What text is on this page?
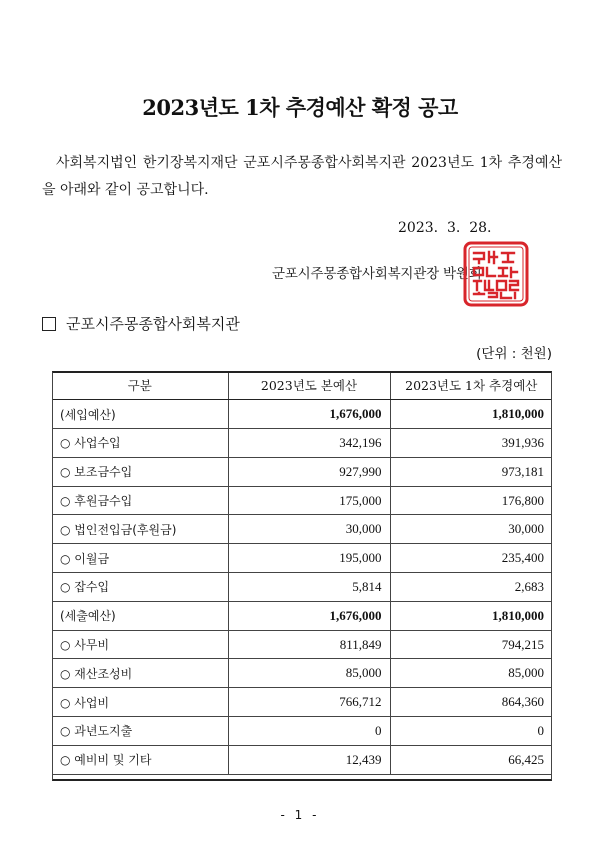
2023년도 1차 추경예산 확정 공고
사회복지법인 한기장복지재단 군포시주몽종합사회복지관 2023년도 1차 추경예산을 아래와 같이 공고합니다.
2023.  3.  28.
군포시주몽종합사회복지관장 박원희
군포시주몽종합사회복지관
(단위 : 천원)
구분	2023년도 본예산	2023년도 1차 추경예산
(세입예산)	1,676,000	1,810,000
○ 사업수입	342,196	391,936
○ 보조금수입	927,990	973,181
○ 후원금수입	175,000	176,800
○ 법인전입금(후원금)	30,000	30,000
○ 이월금	195,000	235,400
○ 잡수입	5,814	2,683
(세출예산)	1,676,000	1,810,000
○ 사무비	811,849	794,215
○ 재산조성비	85,000	85,000
○ 사업비	766,712	864,360
○ 과년도지출	0	0
○ 예비비 및 기타	12,439	66,425
- 1 -
